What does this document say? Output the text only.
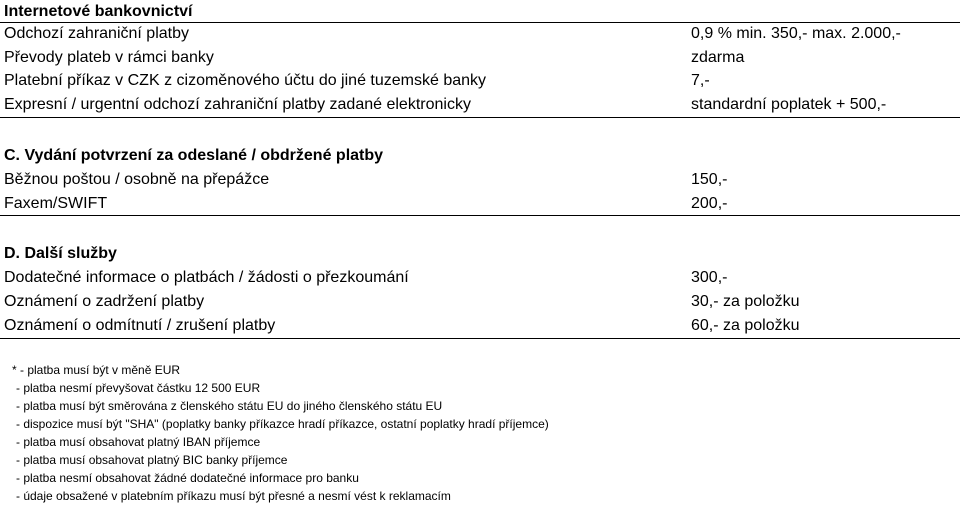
Internetové bankovnictví
Odchozí zahraniční platby	0,9 % min. 350,- max. 2.000,-
Převody plateb v rámci banky	zdarma
Platební příkaz v CZK z cizoměnového účtu do jiné tuzemské banky	7,-
Expresní / urgentní odchozí zahraniční platby zadané elektronicky	standardní poplatek + 500,-
C. Vydání potvrzení za odeslané / obdržené platby
Běžnou poštou / osobně na přepážce	150,-
Faxem/SWIFT	200,-
D. Další služby
Dodatečné informace o platbách / žádosti o přezkoumání	300,-
Oznámení o zadržení platby	30,- za položku
Oznámení o odmítnutí / zrušení platby	60,- za položku
* - platba musí být v měně EUR
- platba nesmí převyšovat částku 12 500 EUR
- platba musí být směrována z členského státu EU do jiného členského státu EU
- dispozice musí být "SHA" (poplatky banky příkazce hradí příkazce, ostatní poplatky hradí příjemce)
- platba musí obsahovat platný IBAN příjemce
- platba musí obsahovat platný BIC banky příjemce
- platba nesmí obsahovat žádné dodatečné informace pro banku
- údaje obsažené v platebním příkazu musí být přesné a nesmí vést k reklamacím
